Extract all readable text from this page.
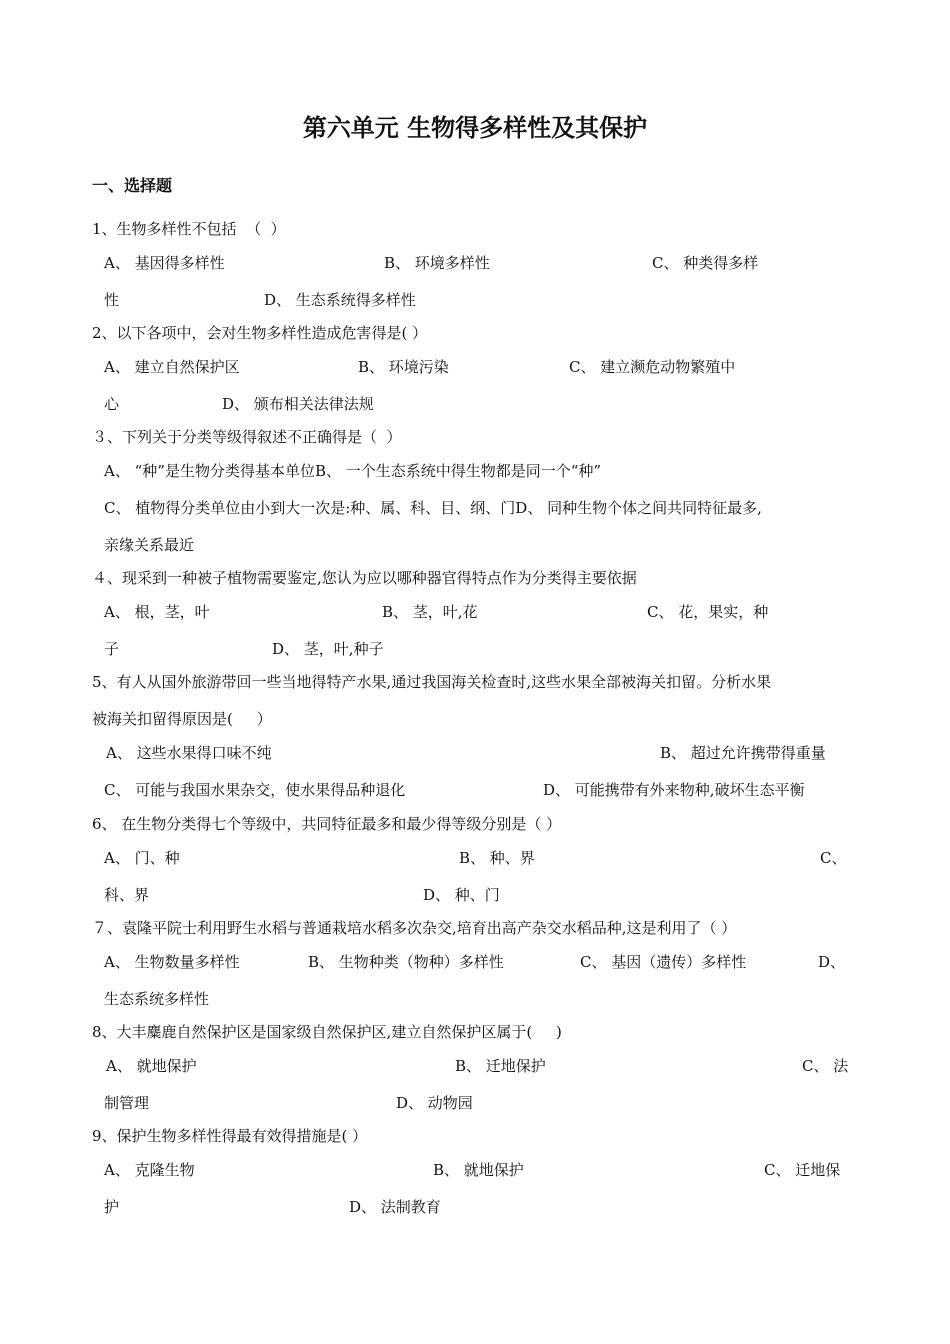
第六单元 生物得多样性及其保护
一、选择题
1、生物多样性不包括  （  ）
A、 基因得多样性	B、 环境多样性	C、 种类得多样
性	D、 生态系统得多样性
2、以下各项中，会对生物多样性造成危害得是( ）
A、 建立自然保护区	B、 环境污染	C、 建立濒危动物繁殖中
心	D、 颁布相关法律法规
３、下列关于分类等级得叙述不正确得是（  ）
A、 “种”是生物分类得基本单位B、 一个生态系统中得生物都是同一个“种”
C、 植物得分类单位由小到大一次是:种、属、科、目、纲、门D、 同种生物个体之间共同特征最多,
亲缘关系最近
４、现采到一种被子植物需要鉴定,您认为应以哪种器官得特点作为分类得主要依据
A、 根，茎，叶	B、 茎，叶,花	C、 花，果实，种
子	D、 茎，叶,种子
5、有人从国外旅游带回一些当地得特产水果,通过我国海关检查时,这些水果全部被海关扣留。分析水果
被海关扣留得原因是(     ）
A、 这些水果得口味不纯	B、 超过允许携带得重量
C、 可能与我国水果杂交，使水果得品种退化	D、 可能携带有外来物种,破坏生态平衡
6、 在生物分类得七个等级中，共同特征最多和最少得等级分别是（ ）
A、 门、种	B、 种、界	C、
科、界	D、 种、门
７、袁隆平院士利用野生水稻与普通栽培水稻多次杂交,培育出高产杂交水稻品种,这是利用了（ ）
A、 生物数量多样性	B、 生物种类（物种）多样性	C、 基因（遗传）多样性	D、
生态系统多样性
8、大丰麋鹿自然保护区是国家级自然保护区,建立自然保护区属于(     )
A、 就地保护	B、 迁地保护	C、 法
制管理	D、 动物园
9、保护生物多样性得最有效得措施是( ）
A、 克隆生物	B、 就地保护	C、 迁地保
护	D、 法制教育
